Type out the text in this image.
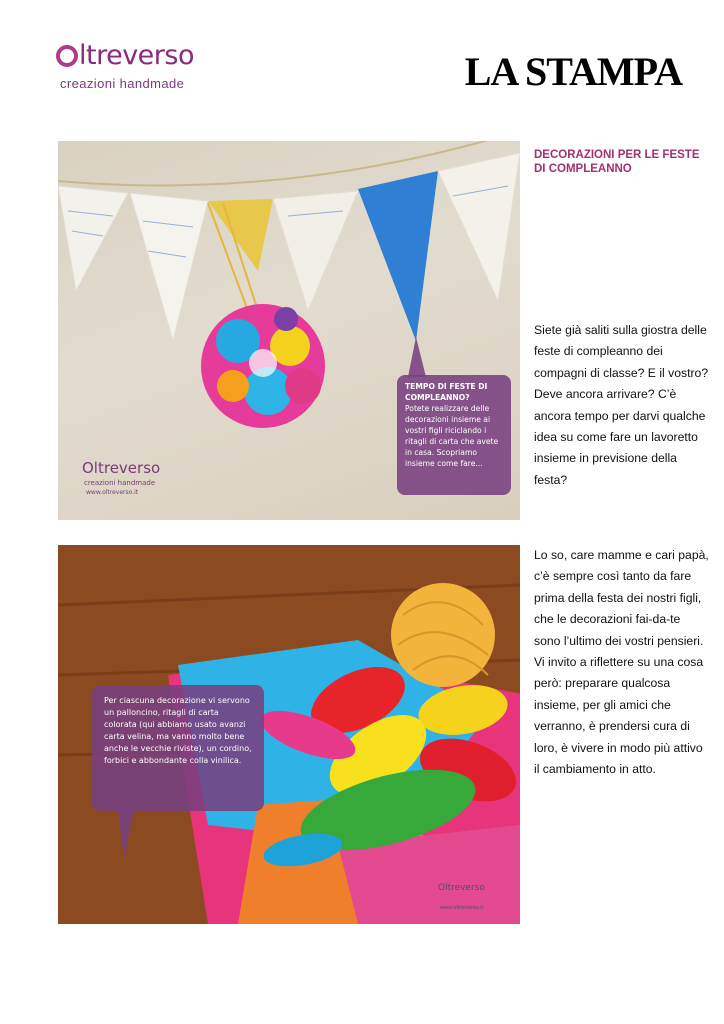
ltreverso
creazioni handmade	LA STAMPA
TEMPO DI FESTE DI COMPLEANNO?
Potete realizzare delle decorazioni insieme ai vostri figli riciclando i ritagli di carta che avete in casa. Scopriamo insieme come fare...
Oltreverso
creazioni handmade
www.oltreverso.it
Per ciascuna decorazione vi servono un palloncino, ritagli di carta colorata (qui abbiamo usato avanzi carta velina, ma vanno molto bene anche le vecchie riviste), un cordino, forbici e abbondante colla vinilica.
Oltreverso
www.oltreverso.it
DECORAZIONI PER LE FESTE DI COMPLEANNO
Siete già saliti sulla giostra delle feste di compleanno dei compagni di classe? E il vostro? Deve ancora arrivare? C’è ancora tempo per darvi qualche idea su come fare un lavoretto insieme in previsione della festa?
Lo so, care mamme e cari papà, c’è sempre così tanto da fare prima della festa dei nostri figli, che le decorazioni fai-da-te sono l’ultimo dei vostri pensieri. Vi invito a riflettere su una cosa però: preparare qualcosa insieme, per gli amici che verranno, è prendersi cura di loro, è vivere in modo più attivo il cambiamento in atto.
